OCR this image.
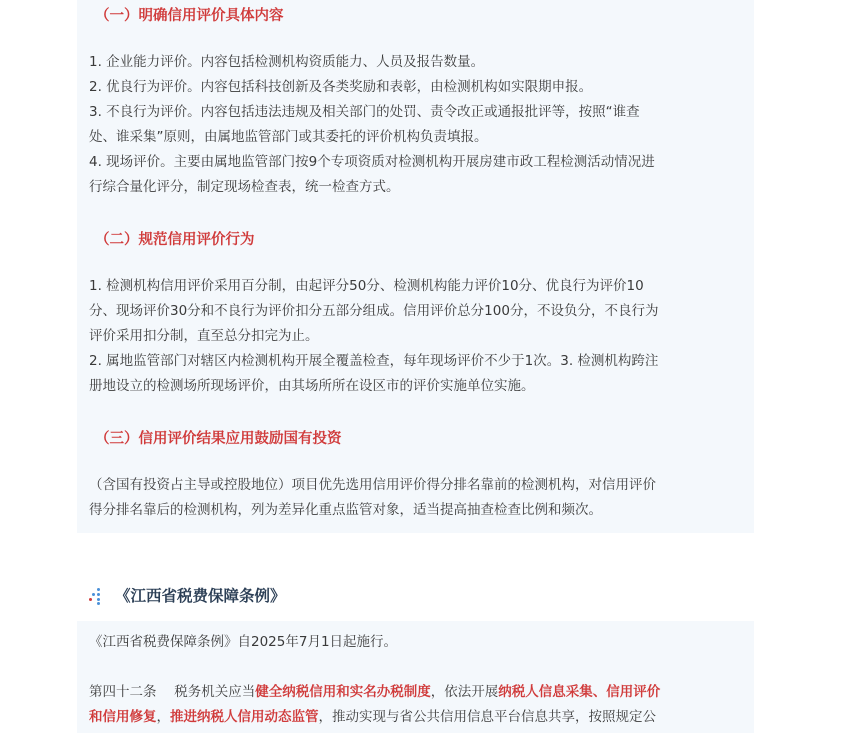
（一）明确信用评价具体内容
1. 企业能力评价。内容包括检测机构资质能力、人员及报告数量。
2. 优良行为评价。内容包括科技创新及各类奖励和表彰，由检测机构如实限期申报。
3. 不良行为评价。内容包括违法违规及相关部门的处罚、责令改正或通报批评等，按照“谁查
处、谁采集”原则，由属地监管部门或其委托的评价机构负责填报。
4. 现场评价。主要由属地监管部门按9个专项资质对检测机构开展房建市政工程检测活动情况进
行综合量化评分，制定现场检查表，统一检查方式。
（二）规范信用评价行为
1. 检测机构信用评价采用百分制，由起评分50分、检测机构能力评价10分、优良行为评价10
分、现场评价30分和不良行为评价扣分五部分组成。信用评价总分100分，不设负分，不良行为
评价采用扣分制，直至总分扣完为止。
2. 属地监管部门对辖区内检测机构开展全覆盖检查，每年现场评价不少于1次。3. 检测机构跨注
册地设立的检测场所现场评价，由其场所所在设区市的评价实施单位实施。
（三）信用评价结果应用鼓励国有投资
（含国有投资占主导或控股地位）项目优先选用信用评价得分排名靠前的检测机构，对信用评价
得分排名靠后的检测机构，列为差异化重点监管对象，适当提高抽查检查比例和频次。
《江西省税费保障条例》

《江西省税费保障条例》自2025年7月1日起施行。

第四十二条　 税务机关应当健全纳税信用和实名办税制度，依法开展纳税人信息采集、信用评价
和信用修复，推进纳税人信用动态监管，推动实现与省公共信用信息平台信息共享，按照规定公
